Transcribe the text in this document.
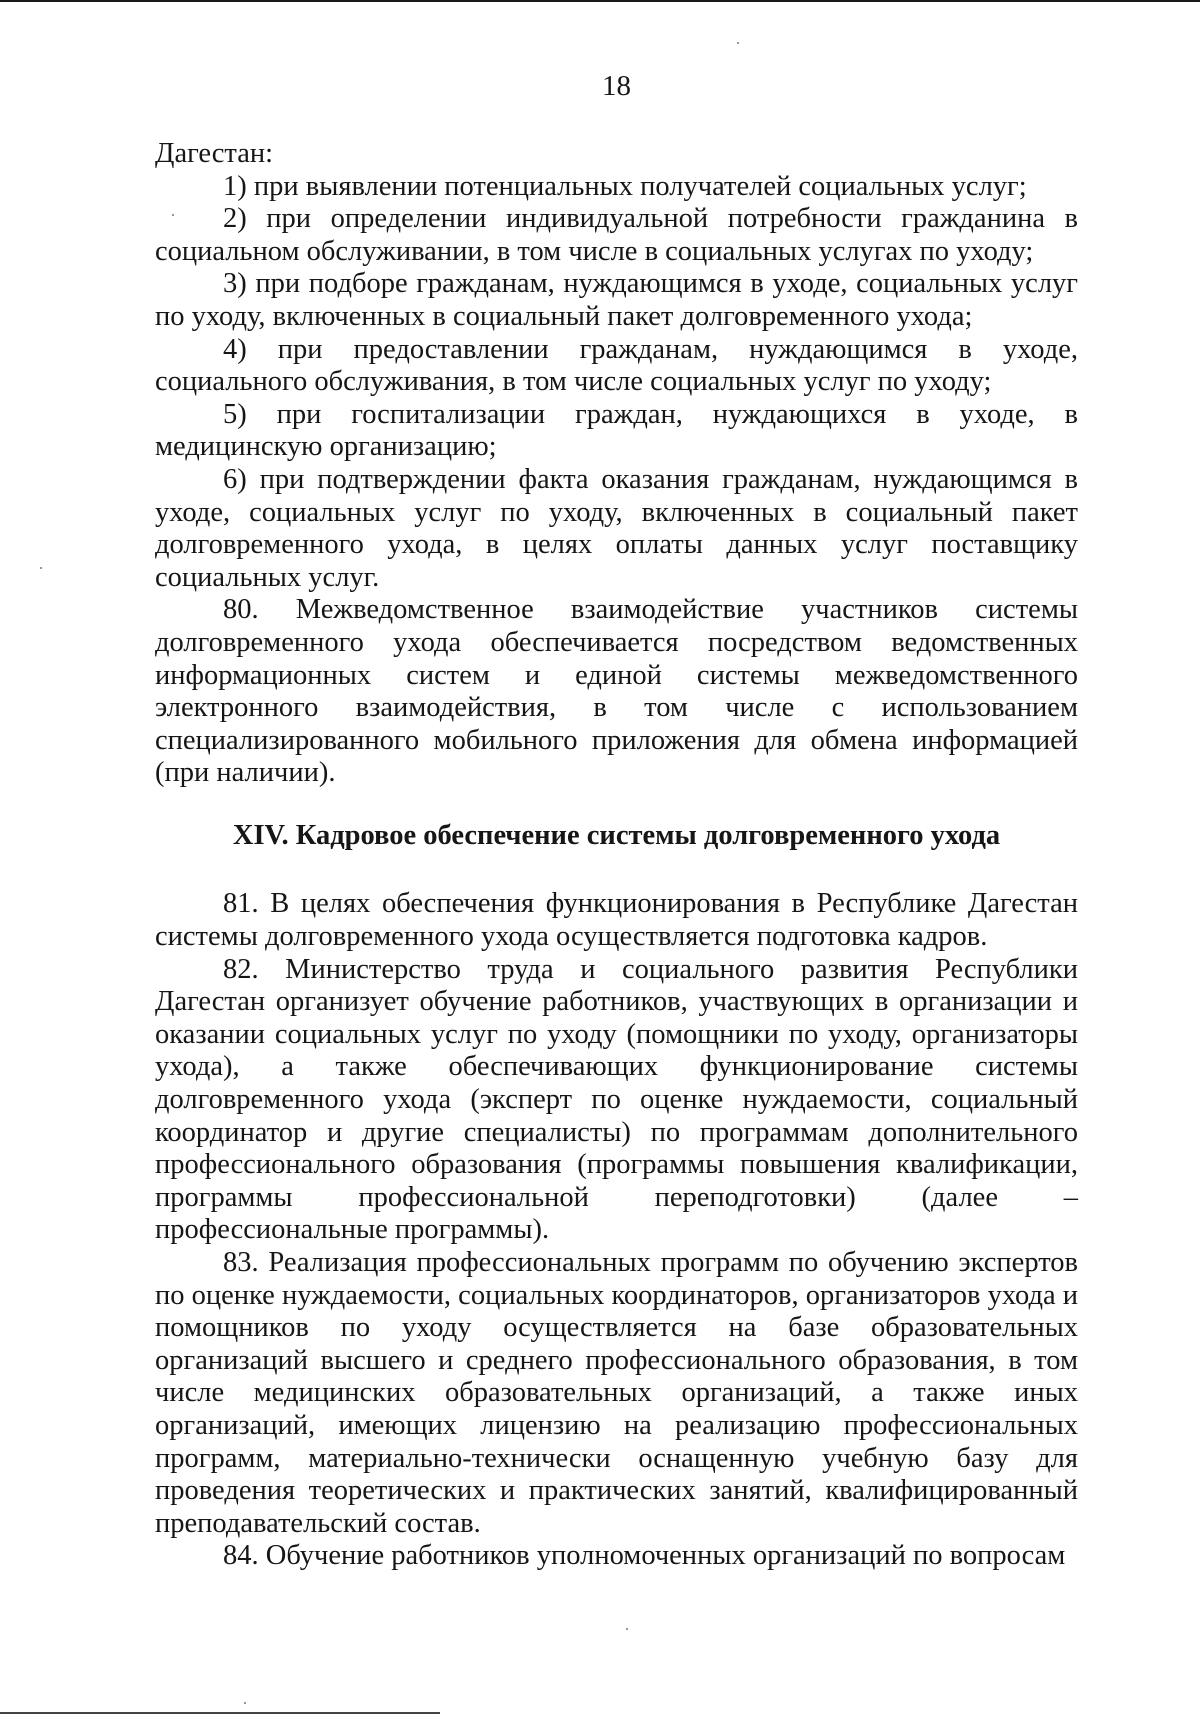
18

Дагестан:

1) при выявлении потенциальных получателей социальных услуг;

2) при определении индивидуальной потребности гражданина в социальном обслуживании, в том числе в социальных услугах по уходу;

3) при подборе гражданам, нуждающимся в уходе, социальных услуг по уходу, включенных в социальный пакет долговременного ухода;

4) при предоставлении гражданам, нуждающимся в уходе, социального обслуживания, в том числе социальных услуг по уходу;

5) при госпитализации граждан, нуждающихся в уходе, в медицинскую организацию;

6) при подтверждении факта оказания гражданам, нуждающимся в уходе, социальных услуг по уходу, включенных в социальный пакет долговременного ухода, в целях оплаты данных услуг поставщику социальных услуг.

80. Межведомственное взаимодействие участников системы долговременного ухода обеспечивается посредством ведомственных информационных систем и единой системы межведомственного электронного взаимодействия, в том числе с использованием специализированного мобильного приложения для обмена информацией (при наличии).

XIV. Кадровое обеспечение системы долговременного ухода

81. В целях обеспечения функционирования в Республике Дагестан системы долговременного ухода осуществляется подготовка кадров.

82. Министерство труда и социального развития Республики Дагестан организует обучение работников, участвующих в организации и оказании социальных услуг по уходу (помощники по уходу, организаторы ухода), а также обеспечивающих функционирование системы долговременного ухода (эксперт по оценке нуждаемости, социальный координатор и другие специалисты) по программам дополнительного профессионального образования (программы повышения квалификации, программы профессиональной переподготовки) (далее – профессиональные программы).

83. Реализация профессиональных программ по обучению экспертов по оценке нуждаемости, социальных координаторов, организаторов ухода и помощников по уходу осуществляется на базе образовательных организаций высшего и среднего профессионального образования, в том числе медицинских образовательных организаций, а также иных организаций, имеющих лицензию на реализацию профессиональных программ, материально-технически оснащенную учебную базу для проведения теоретических и практических занятий, квалифицированный преподавательский состав.

84. Обучение работников уполномоченных организаций по вопросам
